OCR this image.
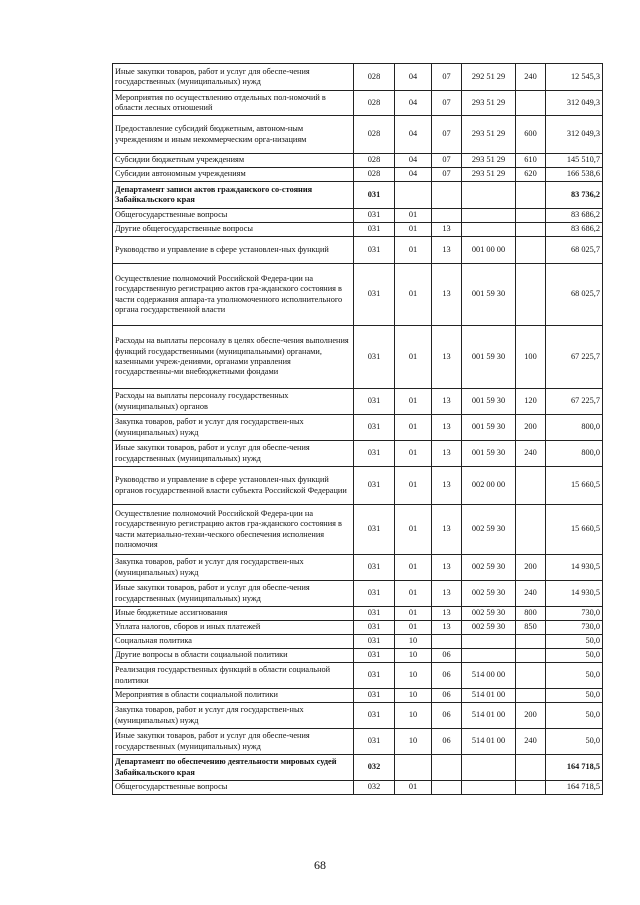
Иные закупки товаров, работ и услуг для обеспе-чения государственных (муниципальных) нужд	028	04	07	292 51 29	240	12 545,3
Мероприятия по осуществлению отдельных пол-номочий в области лесных отношений	028	04	07	293 51 29		312 049,3
Предоставление субсидий бюджетным, автоном-ным учреждениям и иным некоммерческим орга-низациям	028	04	07	293 51 29	600	312 049,3
Субсидии бюджетным учреждениям	028	04	07	293 51 29	610	145 510,7
Субсидии автономным учреждениям	028	04	07	293 51 29	620	166 538,6
Департамент записи актов гражданского со-стояния Забайкальского края	031					83 736,2
Общегосударственные вопросы	031	01				83 686,2
Другие общегосударственные вопросы	031	01	13			83 686,2
Руководство и управление в сфере установлен-ных функций	031	01	13	001 00 00		68 025,7
Осуществление полномочий Российской Федера-ции на государственную регистрацию актов гра-жданского состояния в части содержания аппара-та уполномоченного исполнительного органа государственной власти	031	01	13	001 59 30		68 025,7
Расходы на выплаты персоналу в целях обеспе-чения выполнения функций государственными (муниципальными) органами, казенными учреж-дениями, органами управления государственны-ми внебюджетными фондами	031	01	13	001 59 30	100	67 225,7
Расходы на выплаты персоналу государственных (муниципальных) органов	031	01	13	001 59 30	120	67 225,7
Закупка товаров, работ и услуг для государствен-ных (муниципальных) нужд	031	01	13	001 59 30	200	800,0
Иные закупки товаров, работ и услуг для обеспе-чения государственных (муниципальных) нужд	031	01	13	001 59 30	240	800,0
Руководство и управление в сфере установлен-ных функций органов государственной власти субъекта Российской Федерации	031	01	13	002 00 00		15 660,5
Осуществление полномочий Российской Федера-ции на государственную регистрацию актов гра-жданского состояния в части материально-техни-ческого обеспечения исполнения полномочия	031	01	13	002 59 30		15 660,5
Закупка товаров, работ и услуг для государствен-ных (муниципальных) нужд	031	01	13	002 59 30	200	14 930,5
Иные закупки товаров, работ и услуг для обеспе-чения государственных (муниципальных) нужд	031	01	13	002 59 30	240	14 930,5
Иные бюджетные ассигнования	031	01	13	002 59 30	800	730,0
Уплата налогов, сборов и иных платежей	031	01	13	002 59 30	850	730,0
Социальная политика	031	10				50,0
Другие вопросы в области социальной политики	031	10	06			50,0
Реализация государственных функций в области социальной политики	031	10	06	514 00 00		50,0
Мероприятия в области социальной политики	031	10	06	514 01 00		50,0
Закупка товаров, работ и услуг для государствен-ных (муниципальных) нужд	031	10	06	514 01 00	200	50,0
Иные закупки товаров, работ и услуг для обеспе-чения государственных (муниципальных) нужд	031	10	06	514 01 00	240	50,0
Департамент по обеспечению деятельности мировых судей Забайкальского края	032					164 718,5
Общегосударственные вопросы	032	01				164 718,5
68
